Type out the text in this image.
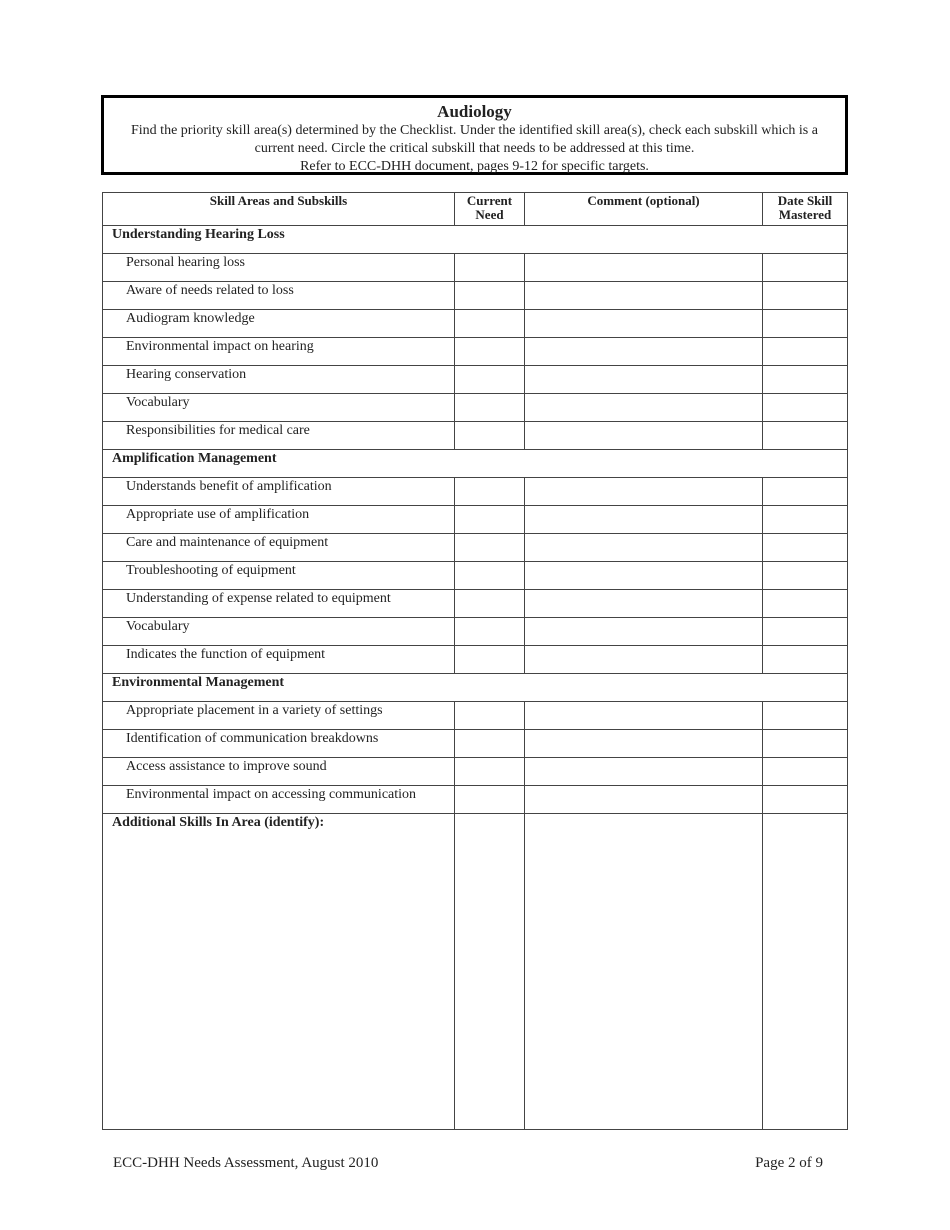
Audiology
Find the priority skill area(s) determined by the Checklist. Under the identified skill area(s), check each subskill which is a current need. Circle the critical subskill that needs to be addressed at this time.
Refer to ECC-DHH document, pages 9-12 for specific targets.
Skill Areas and Subskills	Current Need	Comment (optional)	Date Skill Mastered
Understanding Hearing Loss			
Personal hearing loss			
Aware of needs related to loss			
Audiogram knowledge			
Environmental impact on hearing			
Hearing conservation			
Vocabulary			
Responsibilities for medical care			
Amplification Management			
Understands benefit of amplification			
Appropriate use of amplification			
Care and maintenance of equipment			
Troubleshooting of equipment			
Understanding of expense related to equipment			
Vocabulary			
Indicates the function of equipment			
Environmental Management			
Appropriate placement in a variety of settings			
Identification of communication breakdowns			
Access assistance to improve sound			
Environmental impact on accessing communication			
Additional Skills In Area (identify):			
ECC-DHH Needs Assessment, August 2010	Page 2 of 9
